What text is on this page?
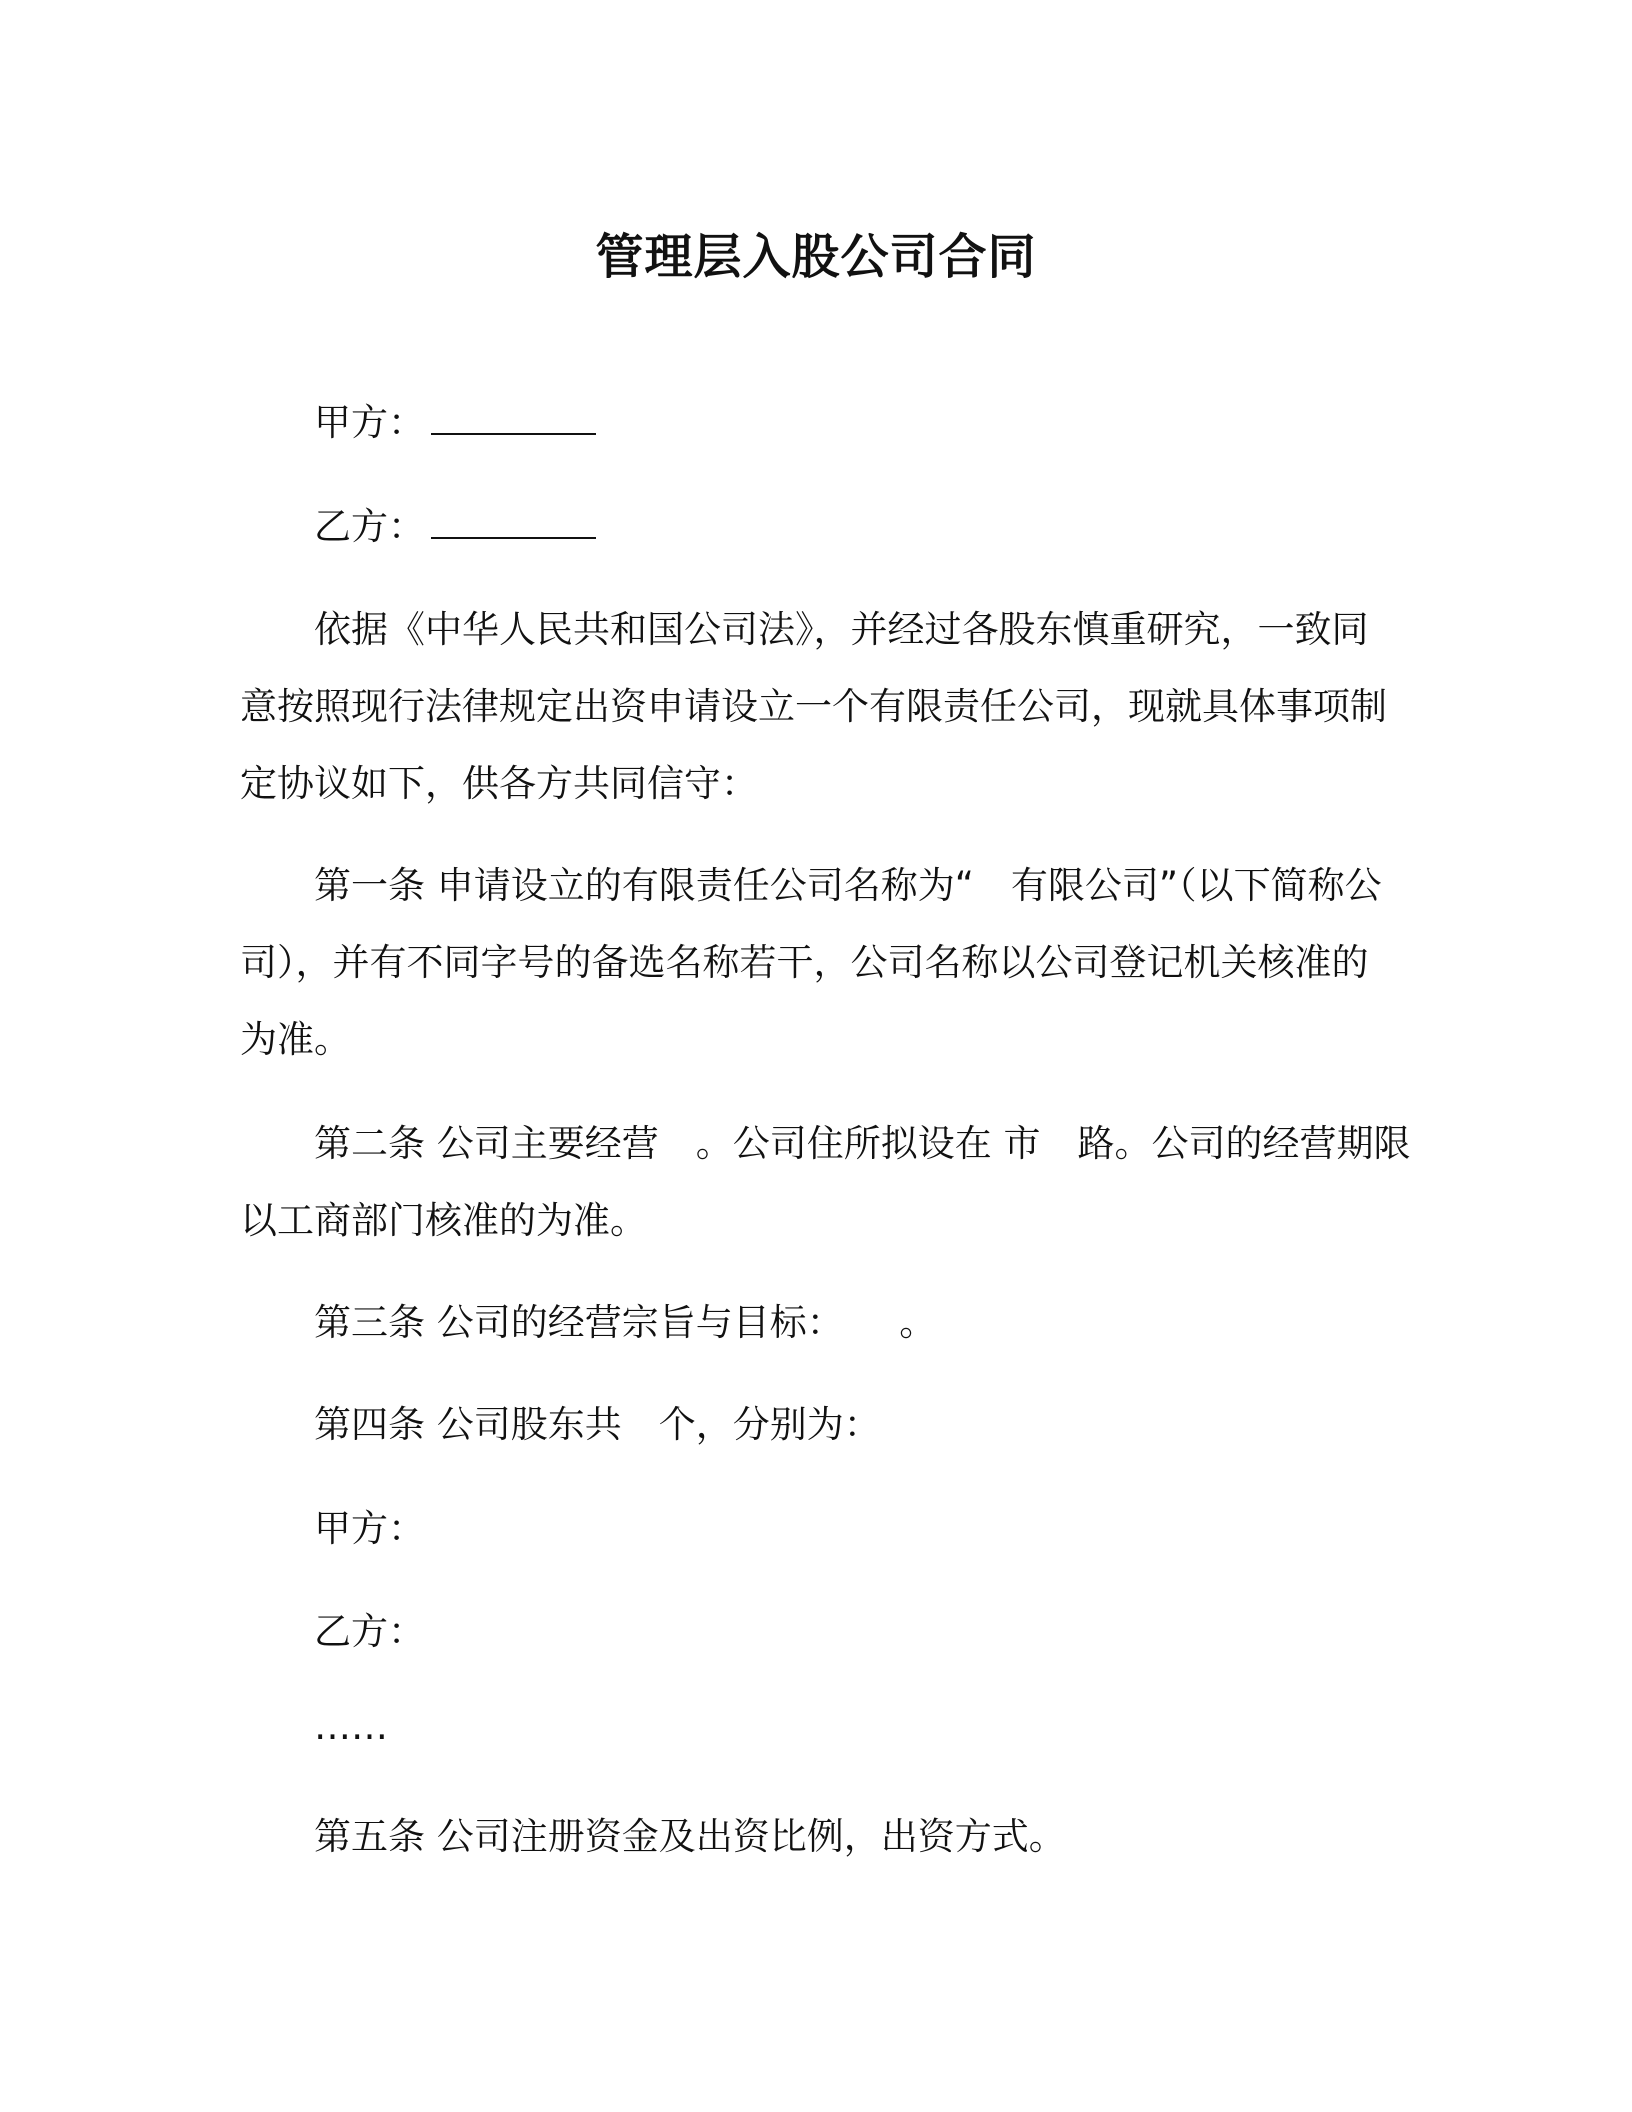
管理层入股公司合同

甲方：

乙方：

依据《中华人民共和国公司法》，并经过各股东慎重研究，一致同意按照现行法律规定出资申请设立一个有限责任公司，现就具体事项制定协议如下，供各方共同信守：

第一条 申请设立的有限责任公司名称为“　有限公司”（以下简称公司），并有不同字号的备选名称若干，公司名称以公司登记机关核准的为准。

第二条 公司主要经营　。公司住所拟设在 市　路。公司的经营期限以工商部门核准的为准。

第三条 公司的经营宗旨与目标：　　。

第四条 公司股东共　个，分别为：

甲方：

乙方：

……

第五条 公司注册资金及出资比例，出资方式。
